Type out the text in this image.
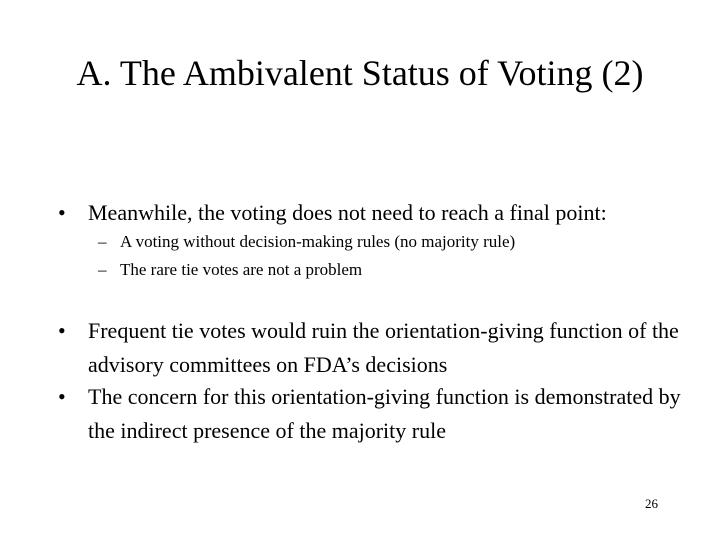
A. The Ambivalent Status of Voting (2)
• Meanwhile, the voting does not need to reach a final point:
– A voting without decision-making rules (no majority rule)
– The rare tie votes are not a problem
• Frequent tie votes would ruin the orientation-giving function of the advisory committees on FDA’s decisions
• The concern for this orientation-giving function is demonstrated by the indirect presence of the majority rule
26
